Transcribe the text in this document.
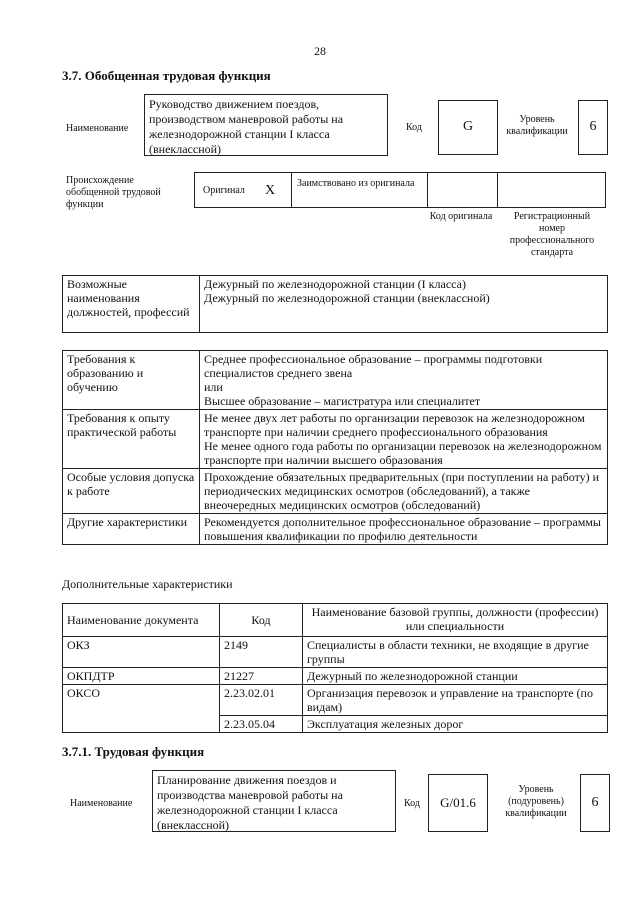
28
3.7. Обобщенная трудовая функция
Наименование
Руководство движением поездов, производством маневровой работы на железнодорожной станции I класса (внеклассной)
Код	G	Уровень квалификации	6
Происхождение обобщенной трудовой функции
Оригинал X Заимствовано из оригинала
Код оригинала	Регистрационный номер профессионального стандарта
Возможные наименования должностей, профессий	Дежурный по железнодорожной станции (I класса)
Дежурный по железнодорожной станции (внеклассной)
Требования к образованию и обучению	Среднее профессиональное образование – программы подготовки специалистов среднего звена
или
Высшее образование – магистратура или специалитет
Требования к опыту практической работы	Не менее двух лет работы по организации перевозок на железнодорожном транспорте при наличии среднего профессионального образования
Не менее одного года работы по организации перевозок на железнодорожном транспорте при наличии высшего образования
Особые условия допуска к работе	Прохождение обязательных предварительных (при поступлении на работу) и периодических медицинских осмотров (обследований), а также внеочередных медицинских осмотров (обследований)
Другие характеристики	Рекомендуется дополнительное профессиональное образование – программы повышения квалификации по профилю деятельности
Дополнительные характеристики
Наименование документа	Код	Наименование базовой группы, должности (профессии) или специальности
ОКЗ	2149	Специалисты в области техники, не входящие в другие группы
ОКПДТР	21227	Дежурный по железнодорожной станции
ОКСО	2.23.02.01	Организация перевозок и управление на транспорте (по видам)
	2.23.05.04	Эксплуатация железных дорог
3.7.1. Трудовая функция
Наименование
Планирование движения поездов и производства маневровой работы на железнодорожной станции I класса (внеклассной)
Код	G/01.6
Уровень (подуровень) квалификации
6
